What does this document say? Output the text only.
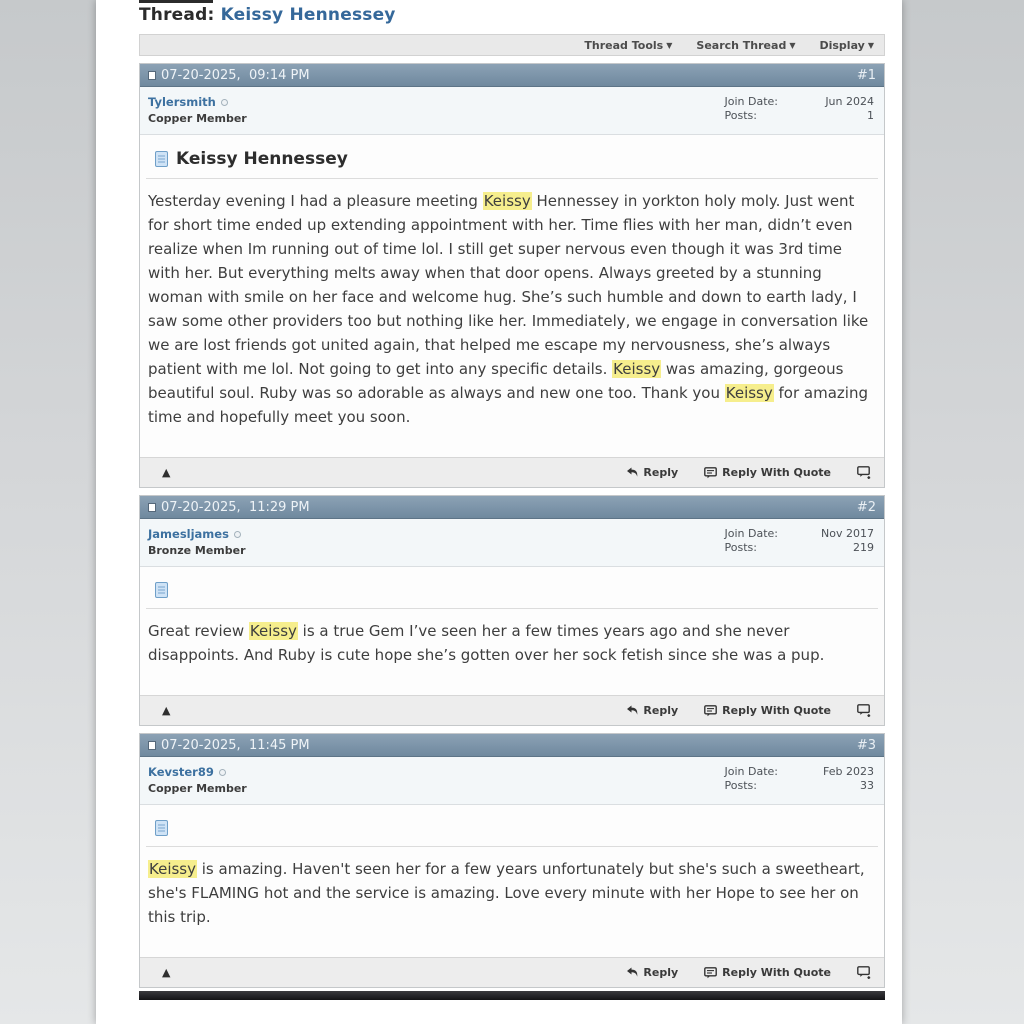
Thread: Keissy Hennessey
Thread Tools ▼ Search Thread ▼ Display ▼
07-20-2025,  09:14 PM	#1
Tylersmith
Copper Member
Join Date:	Jun 2024
Posts:	1
Keissy Hennessey
Yesterday evening I had a pleasure meeting Keissy Hennessey in yorkton holy moly. Just went for short time ended up extending appointment with her. Time flies with her man, didn’t even realize when Im running out of time lol. I still get super nervous even though it was 3rd time with her. But everything melts away when that door opens. Always greeted by a stunning woman with smile on her face and welcome hug. She’s such humble and down to earth lady, I saw some other providers too but nothing like her. Immediately, we engage in conversation like we are lost friends got united again, that helped me escape my nervousness, she’s always patient with me lol. Not going to get into any specific details. Keissy was amazing, gorgeous beautiful soul. Ruby was so adorable as always and new one too. Thank you Keissy for amazing time and hopefully meet you soon.
▲	Reply	Reply With Quote
07-20-2025,  11:29 PM	#2
Jamesljames
Bronze Member
Join Date:	Nov 2017
Posts:	219
Great review Keissy is a true Gem I’ve seen her a few times years ago and she never disappoints. And Ruby is cute hope she’s gotten over her sock fetish since she was a pup.
▲	Reply	Reply With Quote
07-20-2025,  11:45 PM	#3
Kevster89
Copper Member
Join Date:	Feb 2023
Posts:	33
Keissy is amazing. Haven't seen her for a few years unfortunately but she's such a sweetheart, she's FLAMING hot and the service is amazing. Love every minute with her Hope to see her on this trip.
▲	Reply	Reply With Quote
